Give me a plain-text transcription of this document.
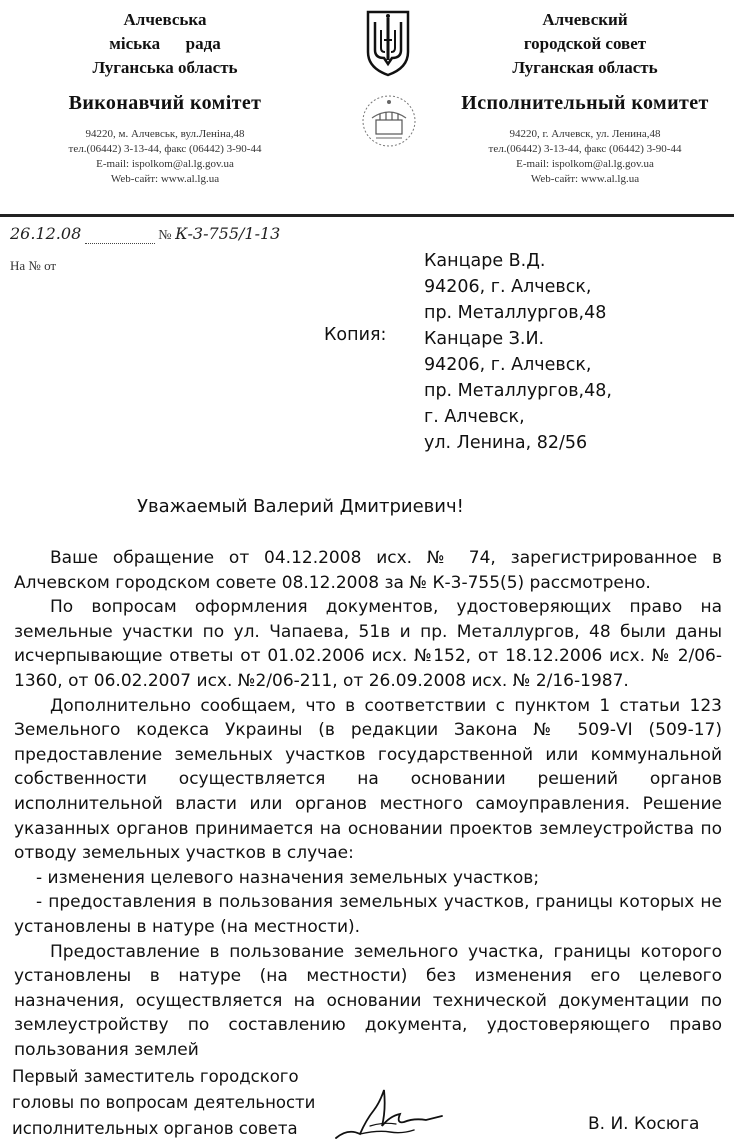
Алчевська
міська      рада
Луганська область
Виконавчий комітет
94220, м. Алчевськ, вул.Леніна,48
тел.(06442) 3-13-44, факс (06442) 3-90-44
E-mail: ispolkom@al.lg.gov.ua
Web-сайт: www.al.lg.ua
Алчевский
городской совет
Луганская область
Исполнительный комитет
94220, г. Алчевск, ул. Ленина,48
тел.(06442) 3-13-44, факс (06442) 3-90-44
E-mail: ispolkom@al.lg.gov.ua
Web-сайт: www.al.lg.ua
26.12.08	№ К-3-755/1-13
На № от	Канцаре В.Д.
94206, г. Алчевск,
пр. Металлургов,48
Канцаре З.И.
94206, г. Алчевск,
пр. Металлургов,48,
г. Алчевск,
ул. Ленина, 82/56
Копия:
Уважаемый Валерий Дмитриевич!

Ваше обращение от 04.12.2008 исх. № 74, зарегистрированное в Алчевском городском совете 08.12.2008 за № К-3-755(5) рассмотрено.

По вопросам оформления документов, удостоверяющих право на земельные участки по ул. Чапаева, 51в и пр. Металлургов, 48 были даны исчерпывающие ответы от 01.02.2006 исх. №152, от 18.12.2006 исх. № 2/06-1360, от 06.02.2007 исх. №2/06-211, от 26.09.2008 исх. № 2/16-1987.

Дополнительно сообщаем, что в соответствии с пунктом 1 статьи 123 Земельного кодекса Украины (в редакции Закона № 509-VI (509-17) предоставление земельных участков государственной или коммунальной собственности осуществляется на основании решений органов исполнительной власти или органов местного самоуправления. Решение указанных органов принимается на основании проектов землеустройства по отводу земельных участков в случае:

- изменения целевого назначения земельных участков;

- предоставления в пользования земельных участков, границы которых не установлены в натуре (на местности).

Предоставление в пользование земельного участка, границы которого установлены в натуре (на местности) без изменения его целевого назначения, осуществляется на основании технической документации по землеустройству по составлению документа, удостоверяющего право пользования землей

Первый заместитель городского
головы по вопросам деятельности
исполнительных органов совета	В. И. Косюга
